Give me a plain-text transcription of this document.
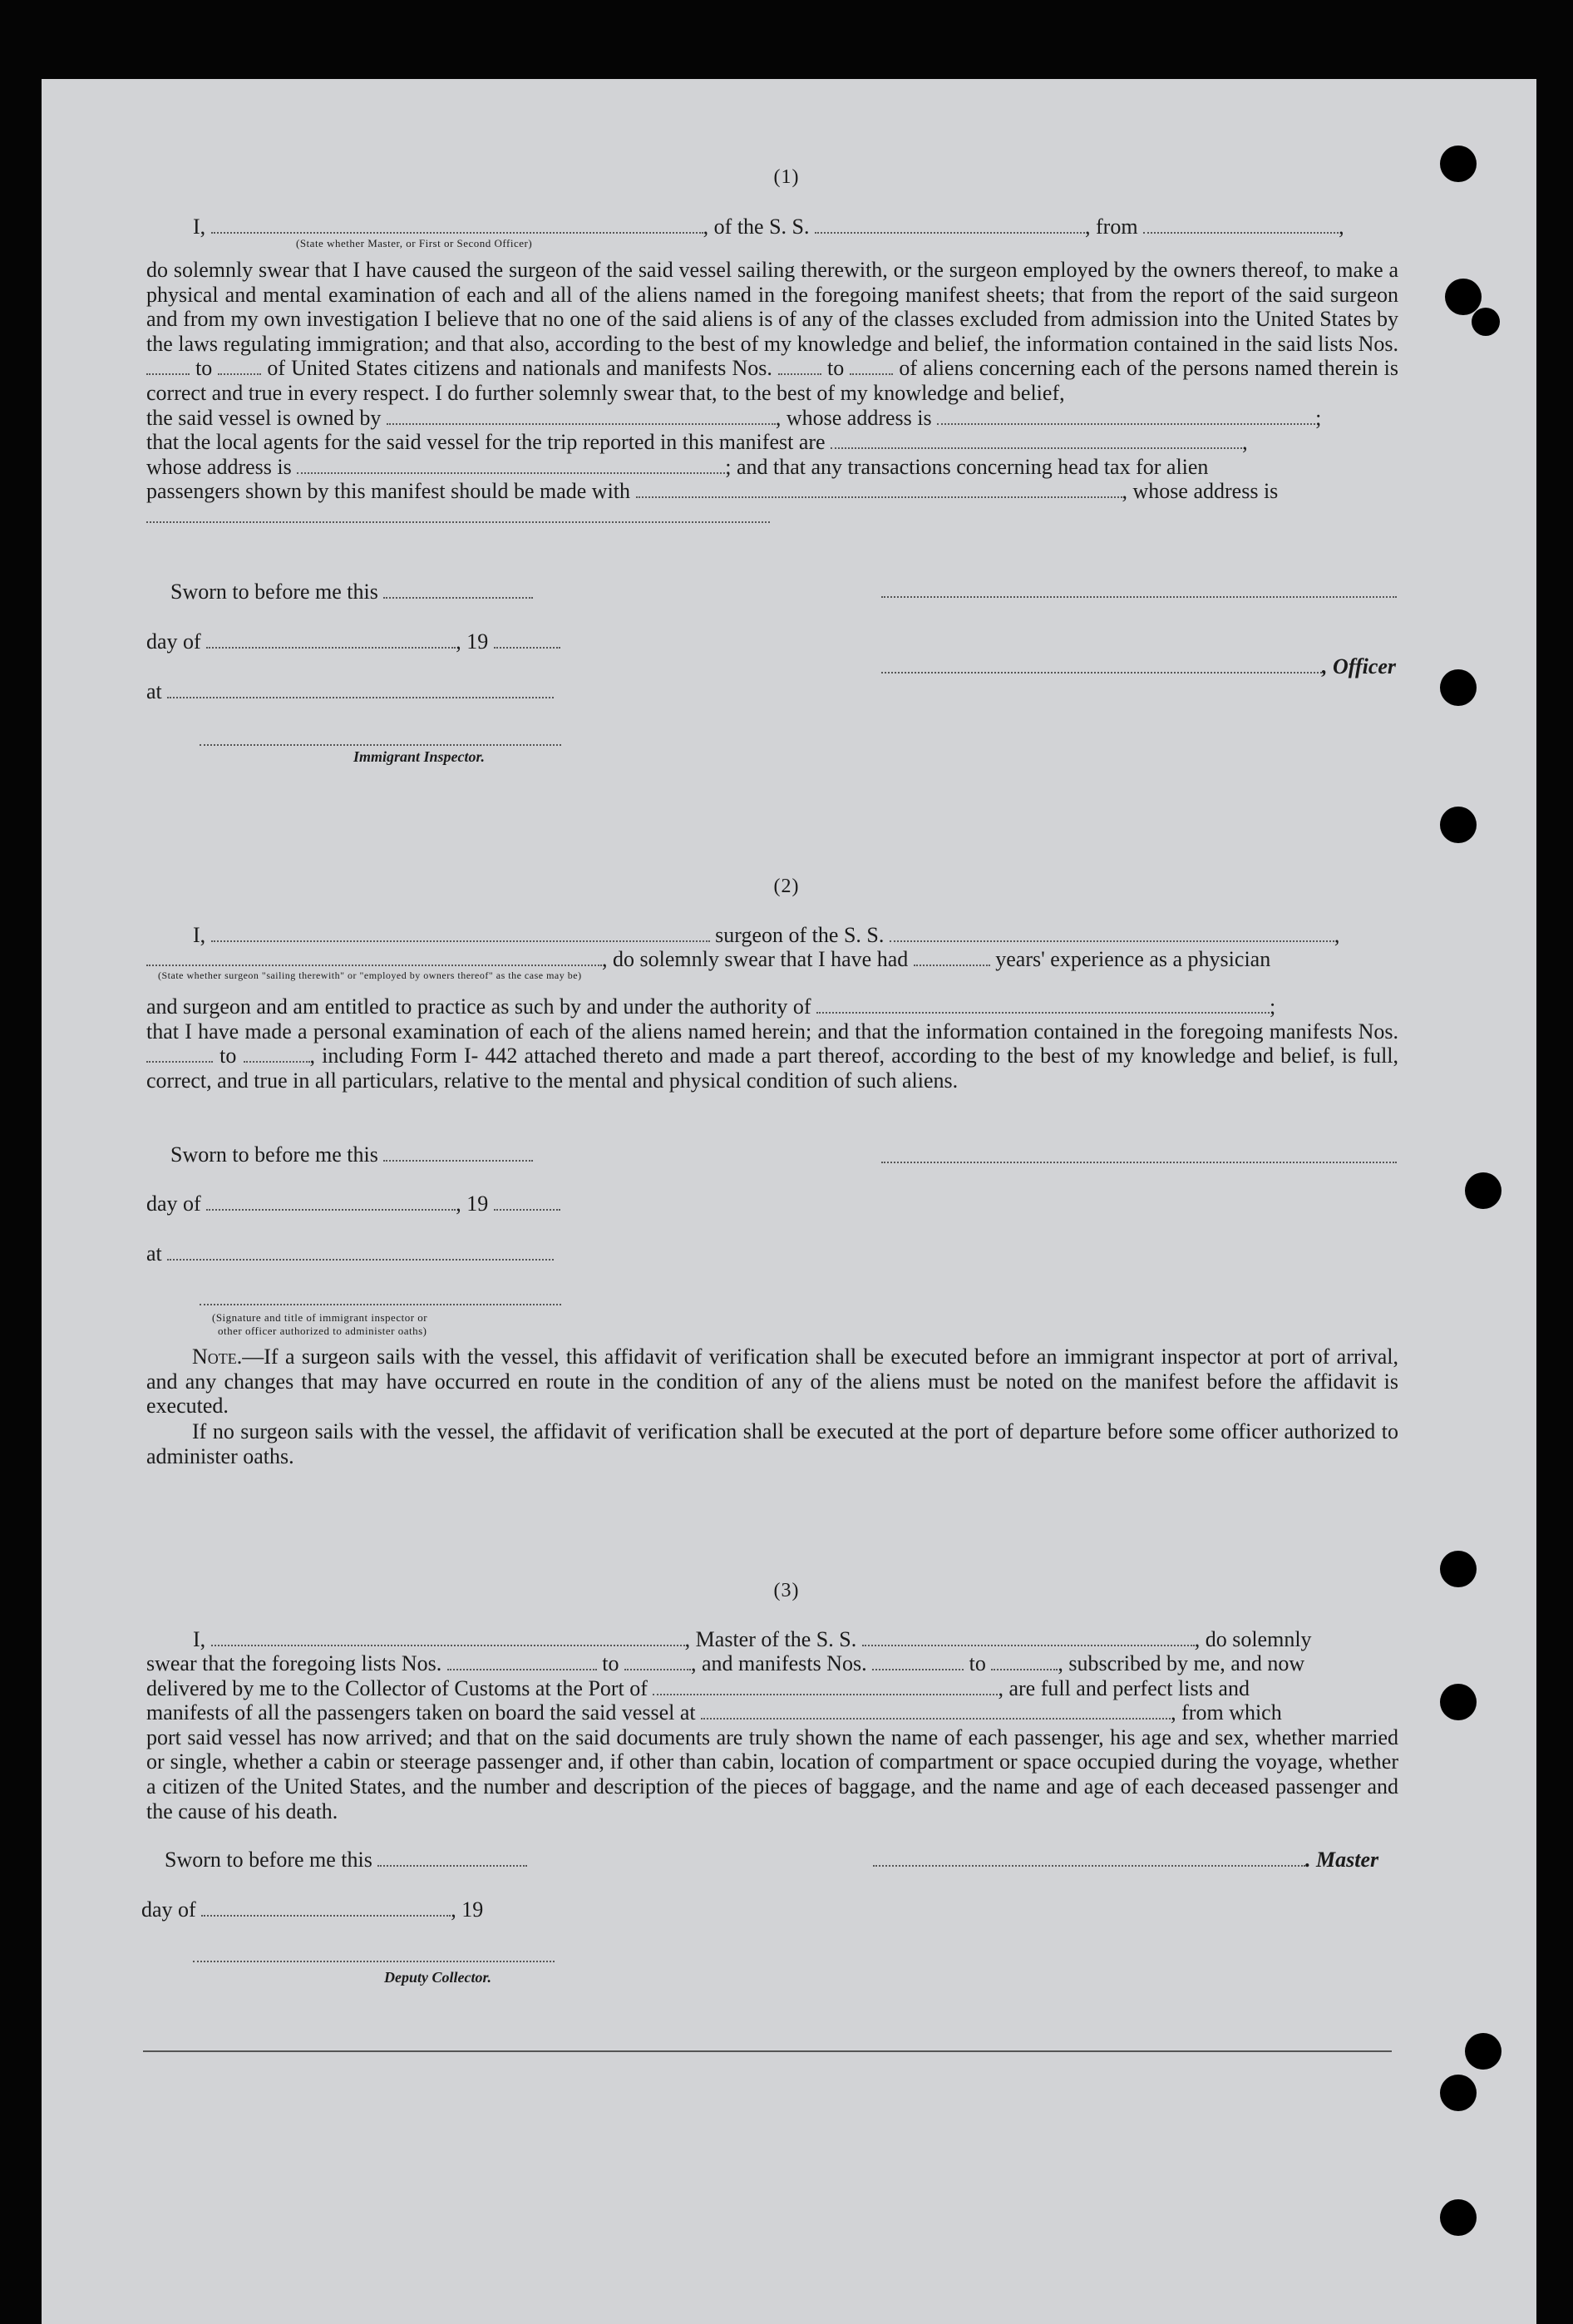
(1)
I,	, of the S. S.	, from	,
(State whether Master, or First or Second Officer)

do solemnly swear that I have caused the surgeon of the said vessel sailing therewith, or the surgeon employed by the owners thereof, to make a physical and mental examination of each and all of the aliens named in the foregoing manifest sheets; that from the report of the said surgeon and from my own investigation I believe that no one of the said aliens is of any of the classes excluded from admission into the United States by the laws regulating immigration; and that also, according to the best of my knowledge and belief, the information contained in the said lists Nos.  to	of United States citizens and nationals and manifests Nos.	to	of aliens concerning each of the persons named therein is correct and true in every respect. I do further solemnly swear that, to the best of my knowledge and belief,
the said vessel is owned by	, whose address is	;
that the local agents for the said vessel for the trip reported in this manifest are	,
whose address is	; and that any transactions concerning head tax for alien
passengers shown by this manifest should be made with	, whose address is

Sworn to before me this
day of	, 19
, Officer
at
Immigrant Inspector.
(2)
I,	surgeon of the S. S.	,
, do solemnly swear that I have had	years' experience as a physician
(State whether surgeon "sailing therewith" or "employed by owners thereof" as the case may be)

and surgeon and am entitled to practice as such by and under the authority of	;
that I have made a personal examination of each of the aliens named herein; and that the information contained in the foregoing manifests Nos.  to	, including Form I- 442 attached thereto and made a part thereof, according to the best of my knowledge and belief, is full, correct, and true in all particulars, relative to the mental and physical condition of such aliens.

Sworn to before me this
day of	, 19
at
(Signature and title of immigrant inspector or
other officer authorized to administer oaths)

Note.—If a surgeon sails with the vessel, this affidavit of verification shall be executed before an immigrant inspector at port of arrival, and any changes that may have occurred en route in the condition of any of the aliens must be noted on the manifest before the affidavit is executed.

If no surgeon sails with the vessel, the affidavit of verification shall be executed at the port of departure before some officer authorized to administer oaths.

(3)
I,	, Master of the S. S.	, do solemnly

swear that the foregoing lists Nos.	to	, and manifests Nos.	to	, subscribed by me, and now
delivered by me to the Collector of Customs at the Port of	, are full and perfect lists and
manifests of all the passengers taken on board the said vessel at	, from which
port said vessel has now arrived; and that on the said documents are truly shown the name of each passenger, his age and sex, whether married or single, whether a cabin or steerage passenger and, if other than cabin, location of compartment or space occupied during the voyage, whether a citizen of the United States, and the number and description of the pieces of baggage, and the name and age of each deceased passenger and the cause of his death.

Sworn to before me this	. Master
day of	, 19
Deputy Collector.
